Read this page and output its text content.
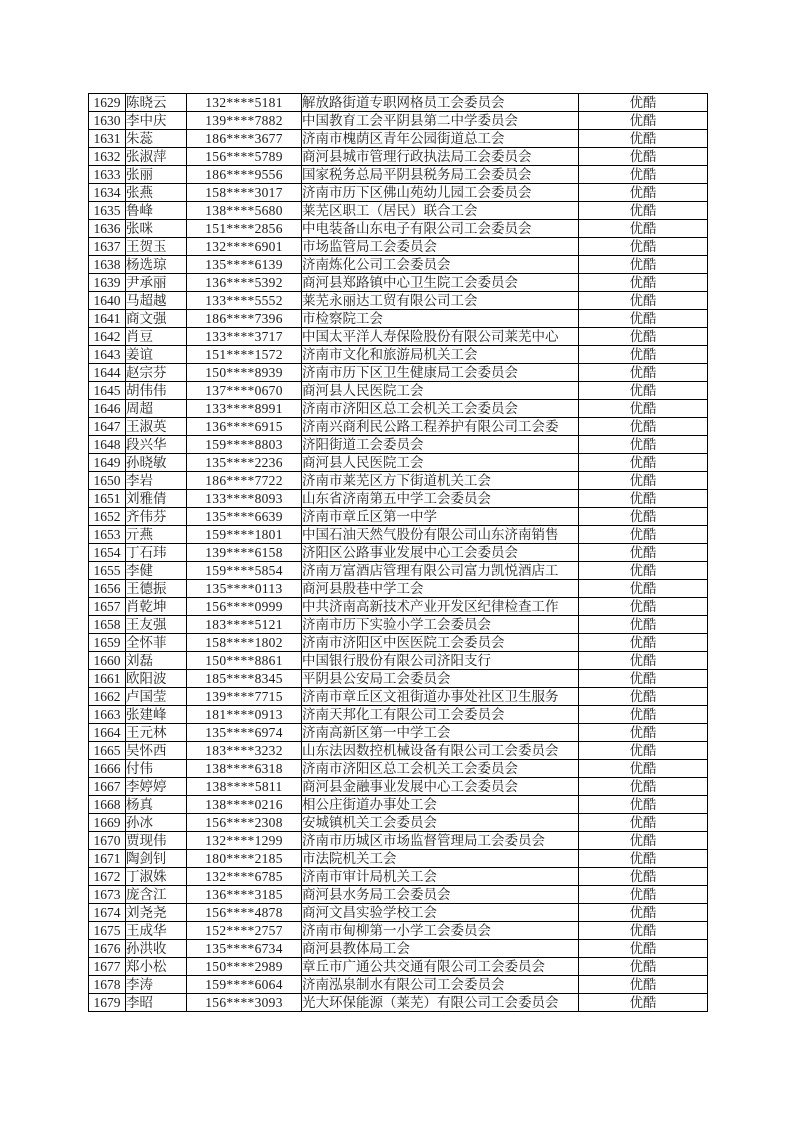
1629	陈晓云	132****5181	解放路街道专职网格员工会委员会	优酷
1630	李中庆	139****7882	中国教育工会平阴县第二中学委员会	优酷
1631	朱蕊	186****3677	济南市槐荫区青年公园街道总工会	优酷
1632	张淑萍	156****5789	商河县城市管理行政执法局工会委员会	优酷
1633	张丽	186****9556	国家税务总局平阴县税务局工会委员会	优酷
1634	张燕	158****3017	济南市历下区佛山苑幼儿园工会委员会	优酷
1635	鲁峰	138****5680	莱芜区职工（居民）联合工会	优酷
1636	张咪	151****2856	中电装备山东电子有限公司工会委员会	优酷
1637	王贺玉	132****6901	市场监管局工会委员会	优酷
1638	杨选琼	135****6139	济南炼化公司工会委员会	优酷
1639	尹承丽	136****5392	商河县郑路镇中心卫生院工会委员会	优酷
1640	马超越	133****5552	莱芜永丽达工贸有限公司工会	优酷
1641	商文强	186****7396	市检察院工会	优酷
1642	肖豆	133****3717	中国太平洋人寿保险股份有限公司莱芜中心	优酷
1643	姜谊	151****1572	济南市文化和旅游局机关工会	优酷
1644	赵宗芬	150****8939	济南市历下区卫生健康局工会委员会	优酷
1645	胡伟伟	137****0670	商河县人民医院工会	优酷
1646	周超	133****8991	济南市济阳区总工会机关工会委员会	优酷
1647	王淑英	136****6915	济南兴商利民公路工程养护有限公司工会委	优酷
1648	段兴华	159****8803	济阳街道工会委员会	优酷
1649	孙晓敏	135****2236	商河县人民医院工会	优酷
1650	李岩	186****7722	济南市莱芜区方下街道机关工会	优酷
1651	刘雅倩	133****8093	山东省济南第五中学工会委员会	优酷
1652	齐伟芬	135****6639	济南市章丘区第一中学	优酷
1653	亓燕	159****1801	中国石油天然气股份有限公司山东济南销售	优酷
1654	丁石玮	139****6158	济阳区公路事业发展中心工会委员会	优酷
1655	李健	159****5854	济南万富酒店管理有限公司富力凯悦酒店工	优酷
1656	王德振	135****0113	商河县殷巷中学工会	优酷
1657	肖乾坤	156****0999	中共济南高新技术产业开发区纪律检查工作	优酷
1658	王友强	183****5121	济南市历下实验小学工会委员会	优酷
1659	全怀菲	158****1802	济南市济阳区中医医院工会委员会	优酷
1660	刘磊	150****8861	中国银行股份有限公司济阳支行	优酷
1661	欧阳波	185****8345	平阴县公安局工会委员会	优酷
1662	卢国莹	139****7715	济南市章丘区文祖街道办事处社区卫生服务	优酷
1663	张建峰	181****0913	济南天邦化工有限公司工会委员会	优酷
1664	王元林	135****6974	济南高新区第一中学工会	优酷
1665	吴怀西	183****3232	山东法因数控机械设备有限公司工会委员会	优酷
1666	付伟	138****6318	济南市济阳区总工会机关工会委员会	优酷
1667	李婷婷	138****5811	商河县金融事业发展中心工会委员会	优酷
1668	杨真	138****0216	相公庄街道办事处工会	优酷
1669	孙冰	156****2308	安城镇机关工会委员会	优酷
1670	贾现伟	132****1299	济南市历城区市场监督管理局工会委员会	优酷
1671	陶剑钊	180****2185	市法院机关工会	优酷
1672	丁淑姝	132****6785	济南市审计局机关工会	优酷
1673	庞含江	136****3185	商河县水务局工会委员会	优酷
1674	刘尧尧	156****4878	商河文昌实验学校工会	优酷
1675	王成华	152****2757	济南市甸柳第一小学工会委员会	优酷
1676	孙洪收	135****6734	商河县教体局工会	优酷
1677	郑小松	150****2989	章丘市广通公共交通有限公司工会委员会	优酷
1678	李涛	159****6064	济南泓泉制水有限公司工会委员会	优酷
1679	李昭	156****3093	光大环保能源（莱芜）有限公司工会委员会	优酷
